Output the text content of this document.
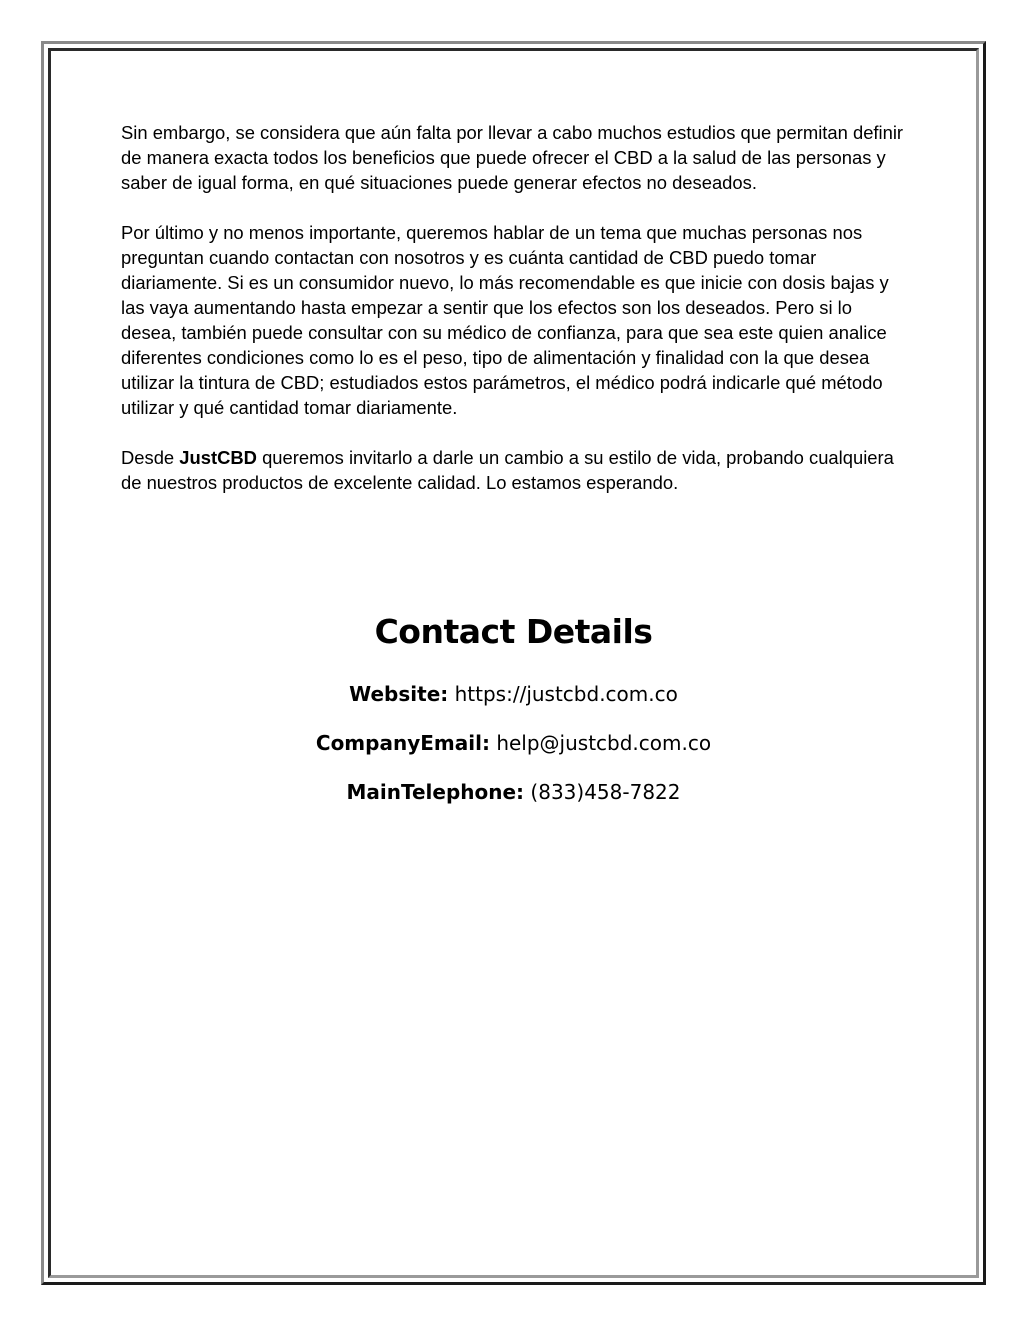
Sin embargo, se considera que aún falta por llevar a cabo muchos estudios que permitan definir de manera exacta todos los beneficios que puede ofrecer el CBD a la salud de las personas y saber de igual forma, en qué situaciones puede generar efectos no deseados.

Por último y no menos importante, queremos hablar de un tema que muchas personas nos preguntan cuando contactan con nosotros y es cuánta cantidad de CBD puedo tomar diariamente. Si es un consumidor nuevo, lo más recomendable es que inicie con dosis bajas y las vaya aumentando hasta empezar a sentir que los efectos son los deseados. Pero si lo desea, también puede consultar con su médico de confianza, para que sea este quien analice diferentes condiciones como lo es el peso, tipo de alimentación y finalidad con la que desea utilizar la tintura de CBD; estudiados estos parámetros, el médico podrá indicarle qué método utilizar y qué cantidad tomar diariamente.

Desde JustCBD queremos invitarlo a darle un cambio a su estilo de vida, probando cualquiera de nuestros productos de excelente calidad. Lo estamos esperando.

Contact Details
Website: https://justcbd.com.co
CompanyEmail: help@justcbd.com.co
MainTelephone: (833)458-7822
